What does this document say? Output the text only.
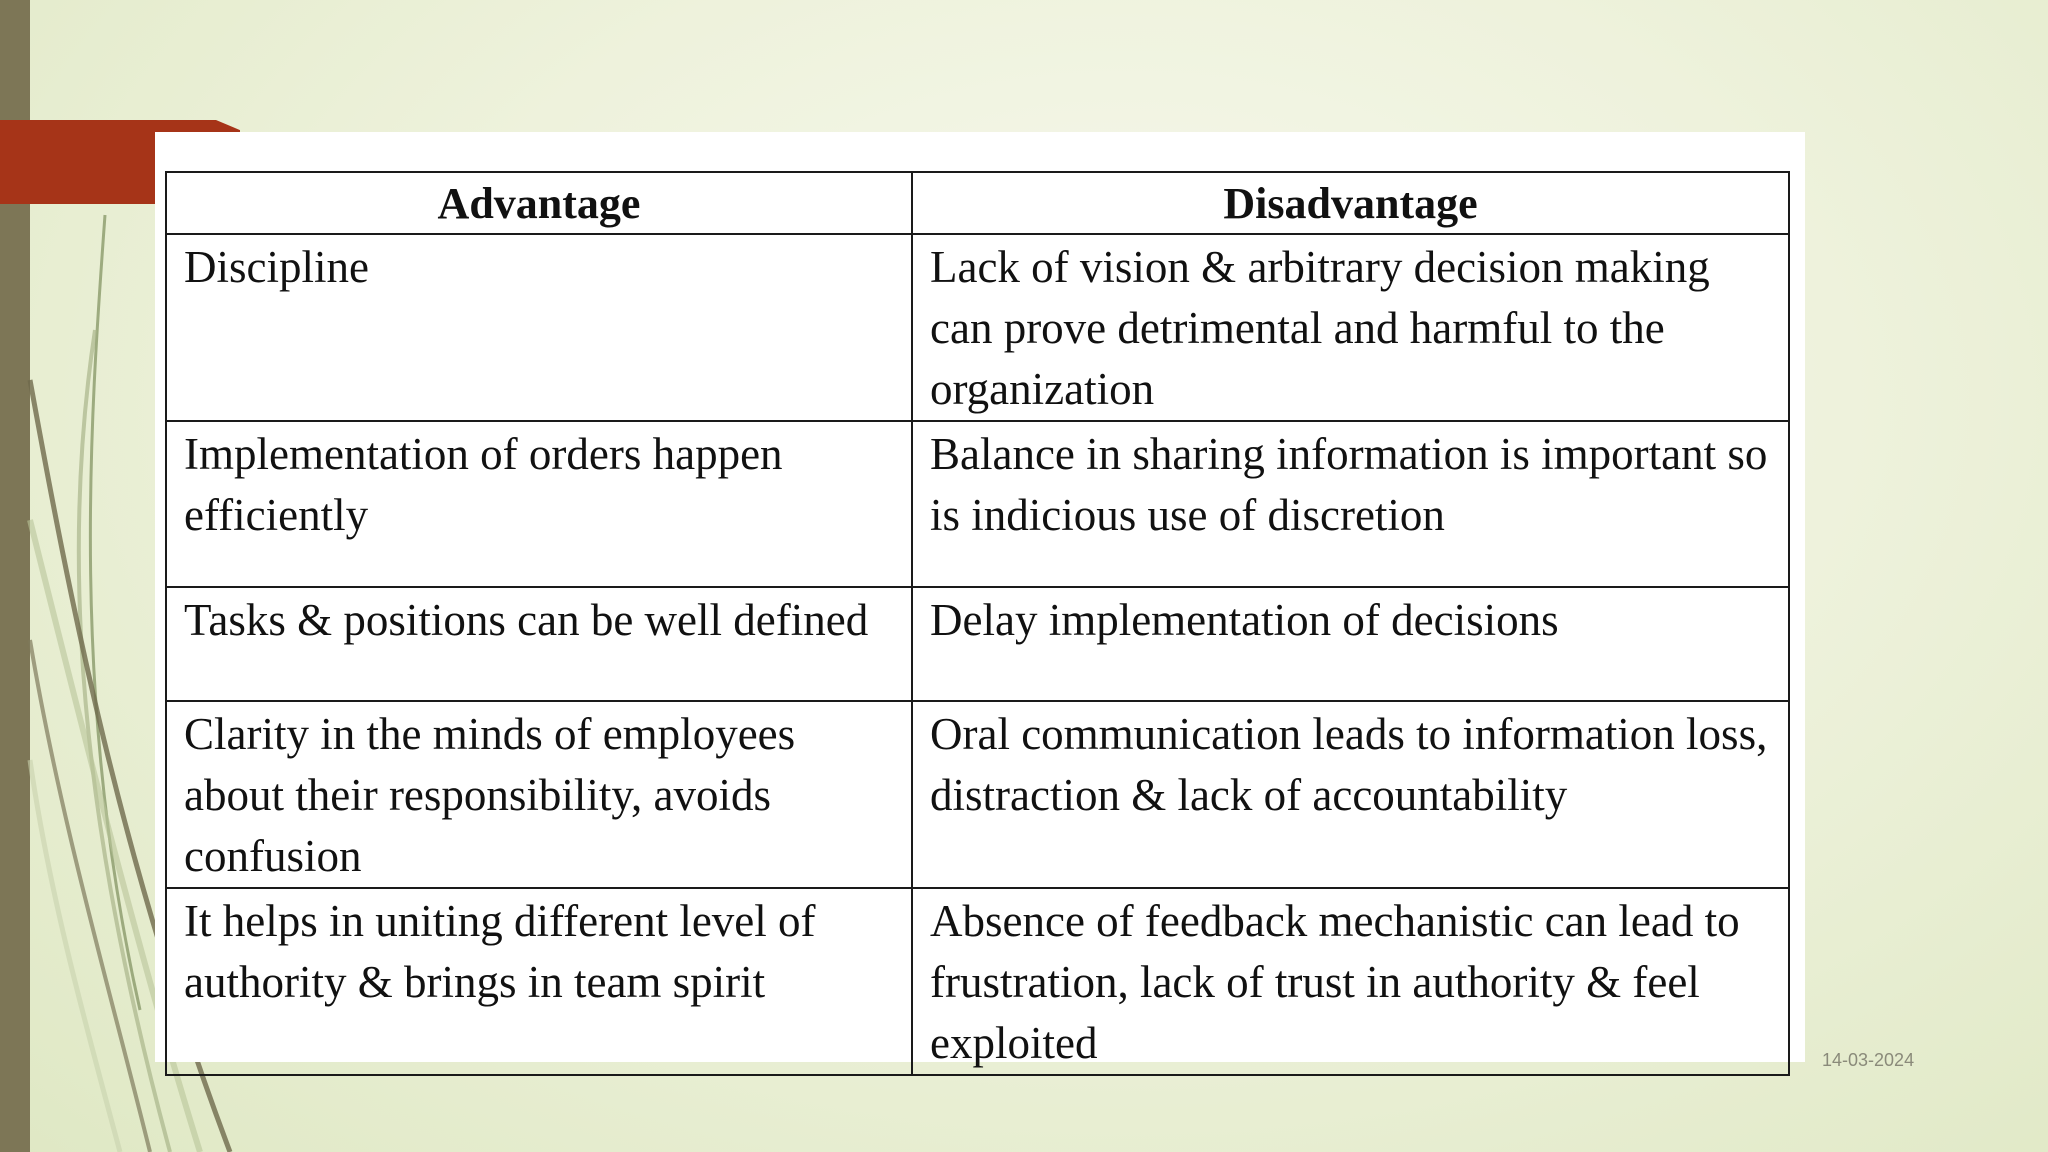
Advantage	Disadvantage
Discipline	Lack of vision & arbitrary decision making can prove detrimental and harmful to the organization
Implementation of orders happen efficiently	Balance in sharing information is important so is indicious use of discretion
Tasks & positions can be well defined	Delay implementation of decisions
Clarity in the minds of employees about their responsibility, avoids confusion	Oral communication leads to information loss, distraction & lack of accountability
It helps in uniting different level of authority & brings in team spirit	Absence of feedback mechanistic can lead to frustration, lack of trust in authority & feel exploited	14-03-2024
